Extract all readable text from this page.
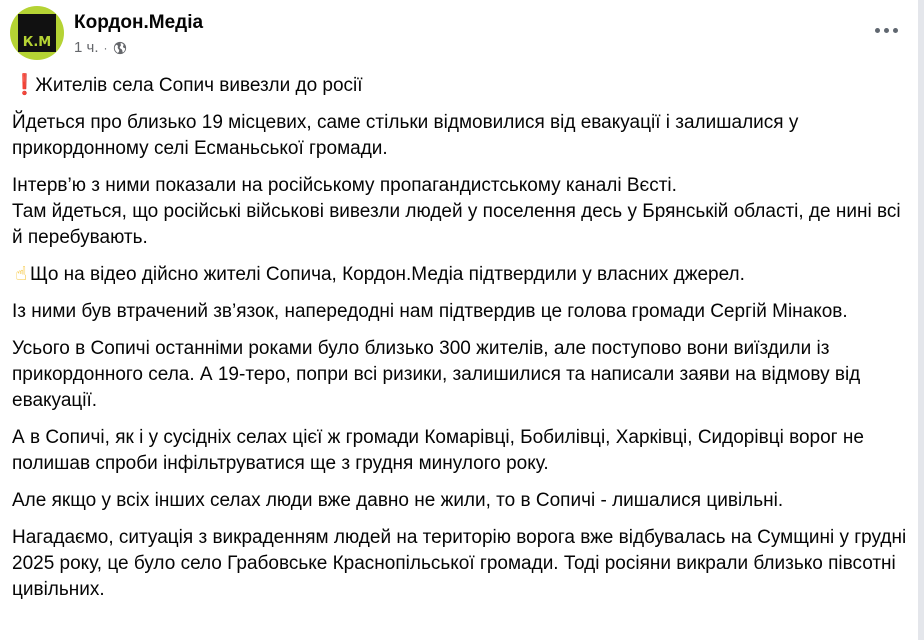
К.М
Кордон.Медіа
1 ч. ·

❗ Жителів села Сопич вивезли до росії

Йдеться про близько 19 місцевих, саме стільки відмовилися від евакуації і залишалися у прикордонному селі Есманьської громади.

Інтерв’ю з ними показали на російському пропагандистському каналі Вєсті.
Там йдеться, що російські військові вивезли людей у поселення десь у Брянській області, де нині всі й перебувають.

☝ Що на відео дійсно жителі Сопича, Кордон.Медіа підтвердили у власних джерел.

Із ними був втрачений зв’язок, напередодні нам підтвердив це голова громади Сергій Мінаков.

Усього в Сопичі останніми роками було близько 300 жителів, але поступово вони виїздили із прикордонного села. А 19-теро, попри всі ризики, залишилися та написали заяви на відмову від евакуації.

А в Сопичі, як і у сусідніх селах цієї ж громади Комарівці, Бобилівці, Харківці, Сидорівці ворог не полишав спроби інфільтруватися ще з грудня минулого року.

Але якщо у всіх інших селах люди вже давно не жили, то в Сопичі - лишалися цивільні.

Нагадаємо, ситуація з викраденням людей на територію ворога вже відбувалась на Сумщині у грудні 2025 року, це було село Грабовське Краснопільської громади. Тоді росіяни викрали близько півсотні цивільних.
